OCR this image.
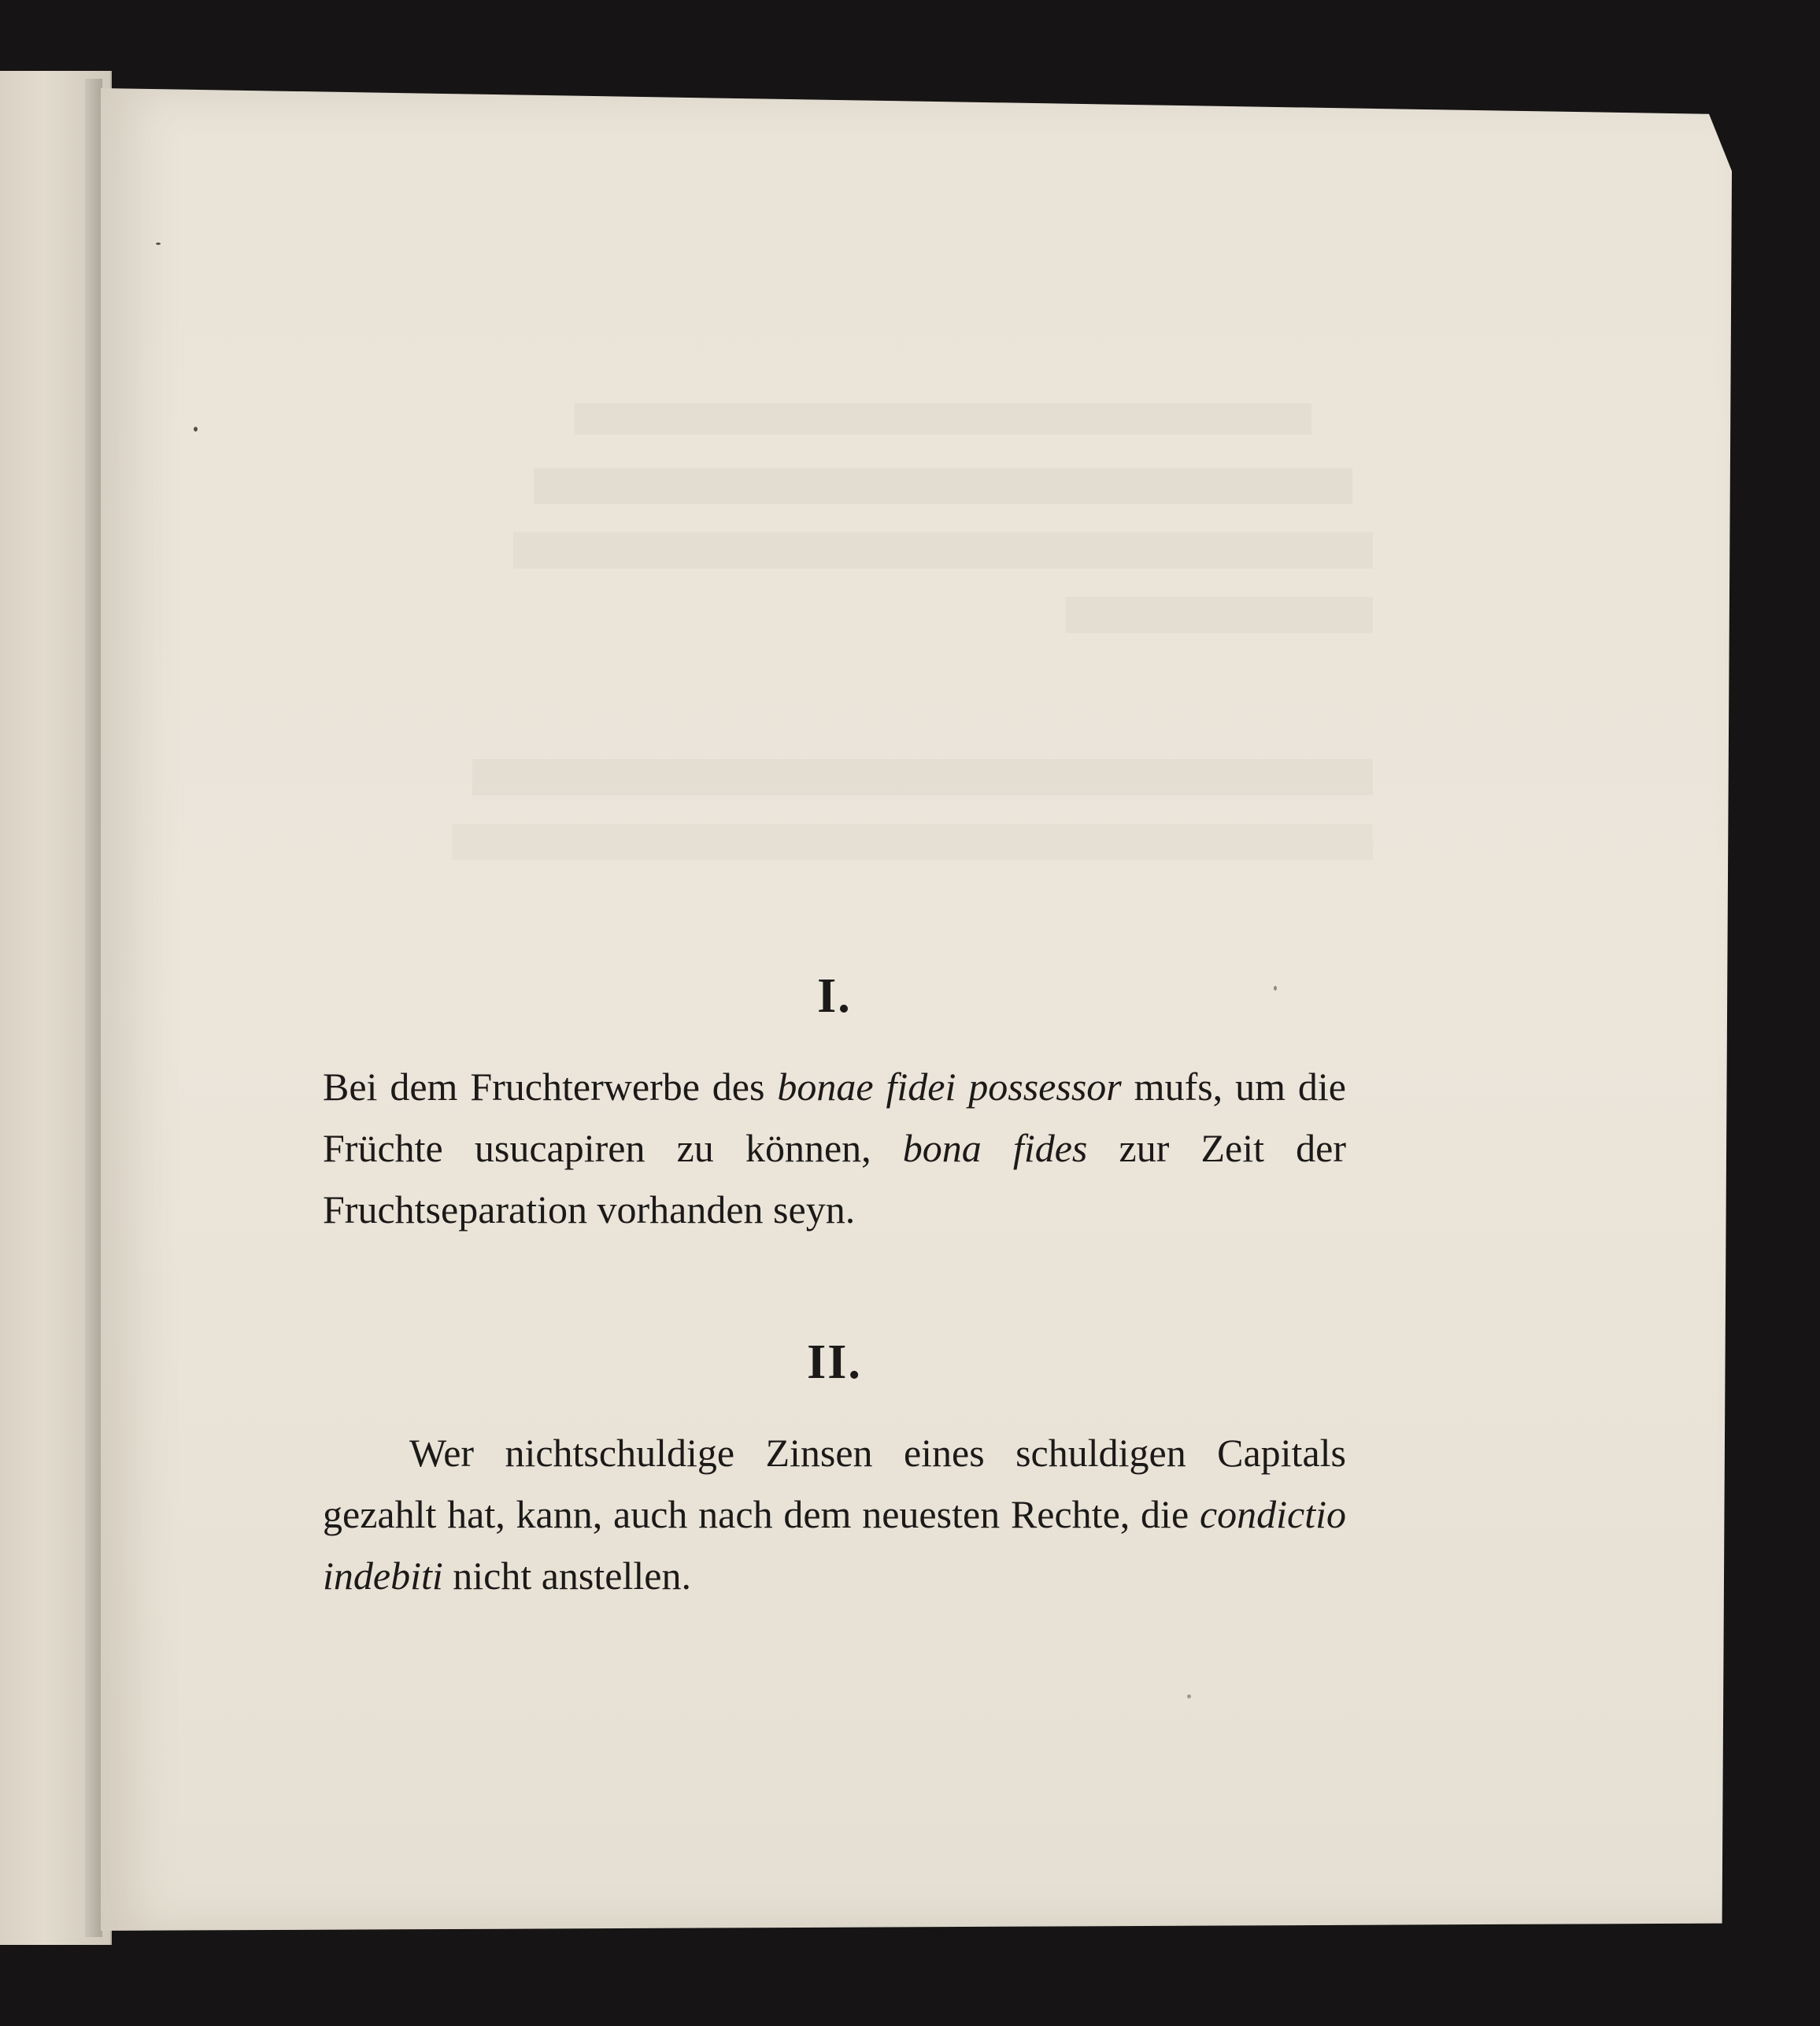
I.

Bei dem Fruchterwerbe des bonae fidei possessor mufs, um die Früchte usucapiren zu können, bona fides zur Zeit der Fruchtseparation vorhanden seyn.

II.

Wer nichtschuldige Zinsen eines schuldigen Capitals gezahlt hat, kann, auch nach dem neuesten Rechte, die condictio indebiti nicht anstellen.
